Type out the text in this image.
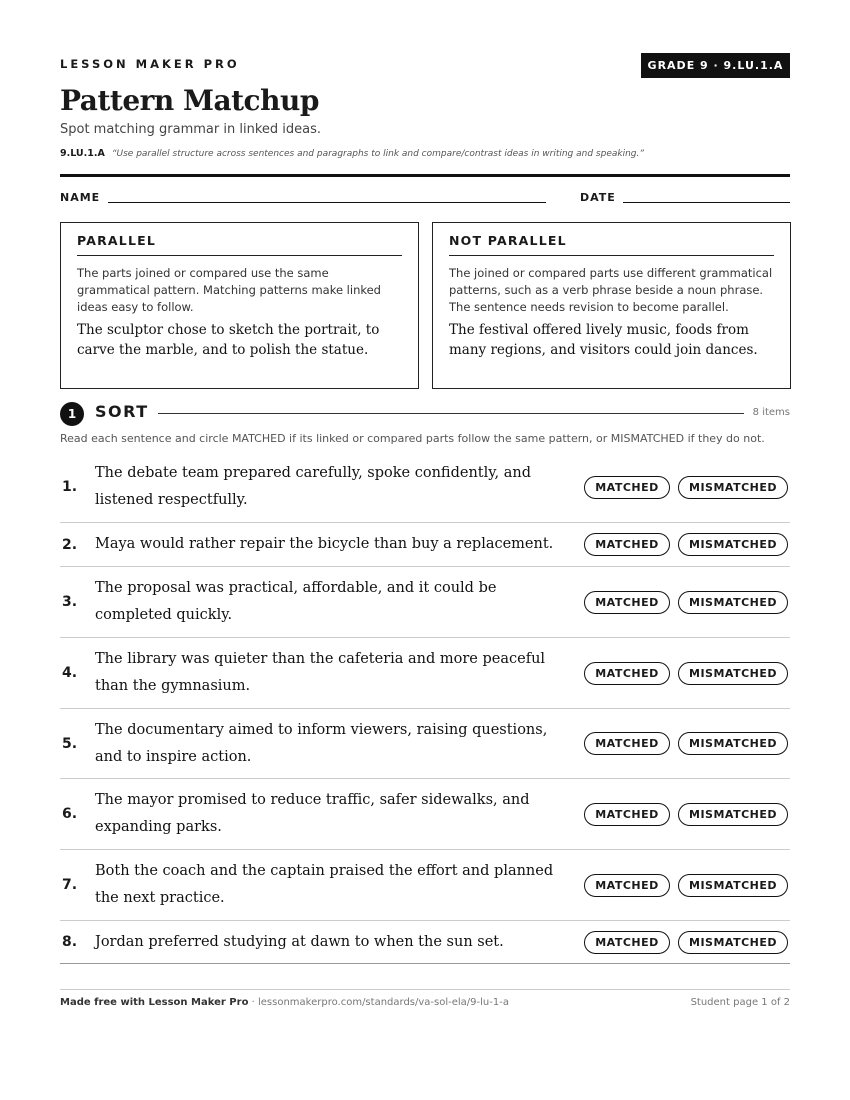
LESSON MAKER PRO	GRADE 9 · 9.LU.1.A
Pattern Matchup
Spot matching grammar in linked ideas.
9.LU.1.A “Use parallel structure across sentences and paragraphs to link and compare/contrast ideas in writing and speaking.”
NAME	DATE
PARALLEL

The parts joined or compared use the same grammatical pattern. Matching patterns make linked ideas easy to follow.

The sculptor chose to sketch the portrait, to carve the marble, and to polish the statue.

NOT PARALLEL

The joined or compared parts use different grammatical patterns, such as a verb phrase beside a noun phrase. The sentence needs revision to become parallel.

The festival offered lively music, foods from many regions, and visitors could join dances.

1	SORT	8 items
Read each sentence and circle MATCHED if its linked or compared parts follow the same pattern, or MISMATCHED if they do not.
1.
The debate team prepared carefully, spoke confidently, and listened respectfully.
MATCHED	MISMATCHED
2.	Maya would rather repair the bicycle than buy a replacement.	MATCHED	MISMATCHED
3.
The proposal was practical, affordable, and it could be completed quickly.
MATCHED	MISMATCHED
4.
The library was quieter than the cafeteria and more peaceful than the gymnasium.
MATCHED	MISMATCHED
5.
The documentary aimed to inform viewers, raising questions, and to inspire action.
MATCHED	MISMATCHED
6.
The mayor promised to reduce traffic, safer sidewalks, and expanding parks.
MATCHED	MISMATCHED
7.
Both the coach and the captain praised the effort and planned the next practice.
MATCHED	MISMATCHED
8.	Jordan preferred studying at dawn to when the sun set.	MATCHED	MISMATCHED
Made free with Lesson Maker Pro · lessonmakerpro.com/standards/va-sol-ela/9-lu-1-a	Student page 1 of 2
